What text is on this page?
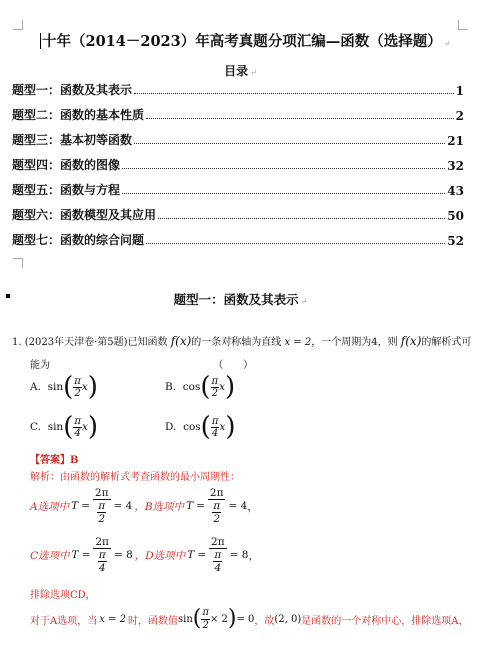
十年（2014－2023）年高考真题分项汇编—函数（选择题） ↵
目录 ↵
题型一：函数及其表示	1
题型二：函数的基本性质	2
题型三：基本初等函数	21
题型四：函数的图像	32
题型五：函数与方程	43
题型六：函数模型及其应用	50
题型七：函数的综合问题	52
题型一：函数及其表示 ↵
1. (2023年天津卷·第5题)已知函数 f(x)的一条对称轴为直线 x = 2，一个周期为4，则 f(x)的解析式可
能为	（　　）
A.
sin ( $\frac{\pi}{2}$ x )	B.
cos ( $\frac{\pi}{2}$ x )
C.
sin ( $\frac{\pi}{4}$ x )	D.
cos ( $\frac{\pi}{4}$ x )
【答案】B
解析：由函数的解析式考查函数的最小周期性：
A选项中 $T = \frac{2\pi}{\frac{\pi}{2}} = 4$ ，B选项中 $T = \frac{2\pi}{\frac{\pi}{2}} = 4$ ，
C选项中 $T = \frac{2\pi}{\frac{\pi}{4}} = 8$ ，D选项中 $T = \frac{2\pi}{\frac{\pi}{4}} = 8$ ，
排除选项CD，
对于A选项，当 x = 2 时，函数值 sin ( $\frac{\pi}{2} \times 2$ ) = 0 ，故 (2, 0) 是函数的一个对称中心，排除选项A，
